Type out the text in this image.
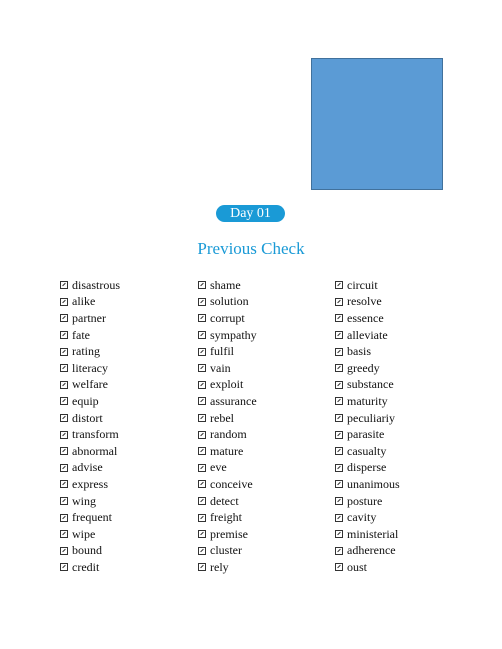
Day 01
Previous Check
disastrous
alike
partner
fate
rating
literacy
welfare
equip
distort
transform
abnormal
advise
express
wing
frequent
wipe
bound
credit
shame
solution
corrupt
sympathy
fulfil
vain
exploit
assurance
rebel
random
mature
eve
conceive
detect
freight
premise
cluster
rely
circuit
resolve
essence
alleviate
basis
greedy
substance
maturity
peculiariy
parasite
casualty
disperse
unanimous
posture
cavity
ministerial
adherence
oust
